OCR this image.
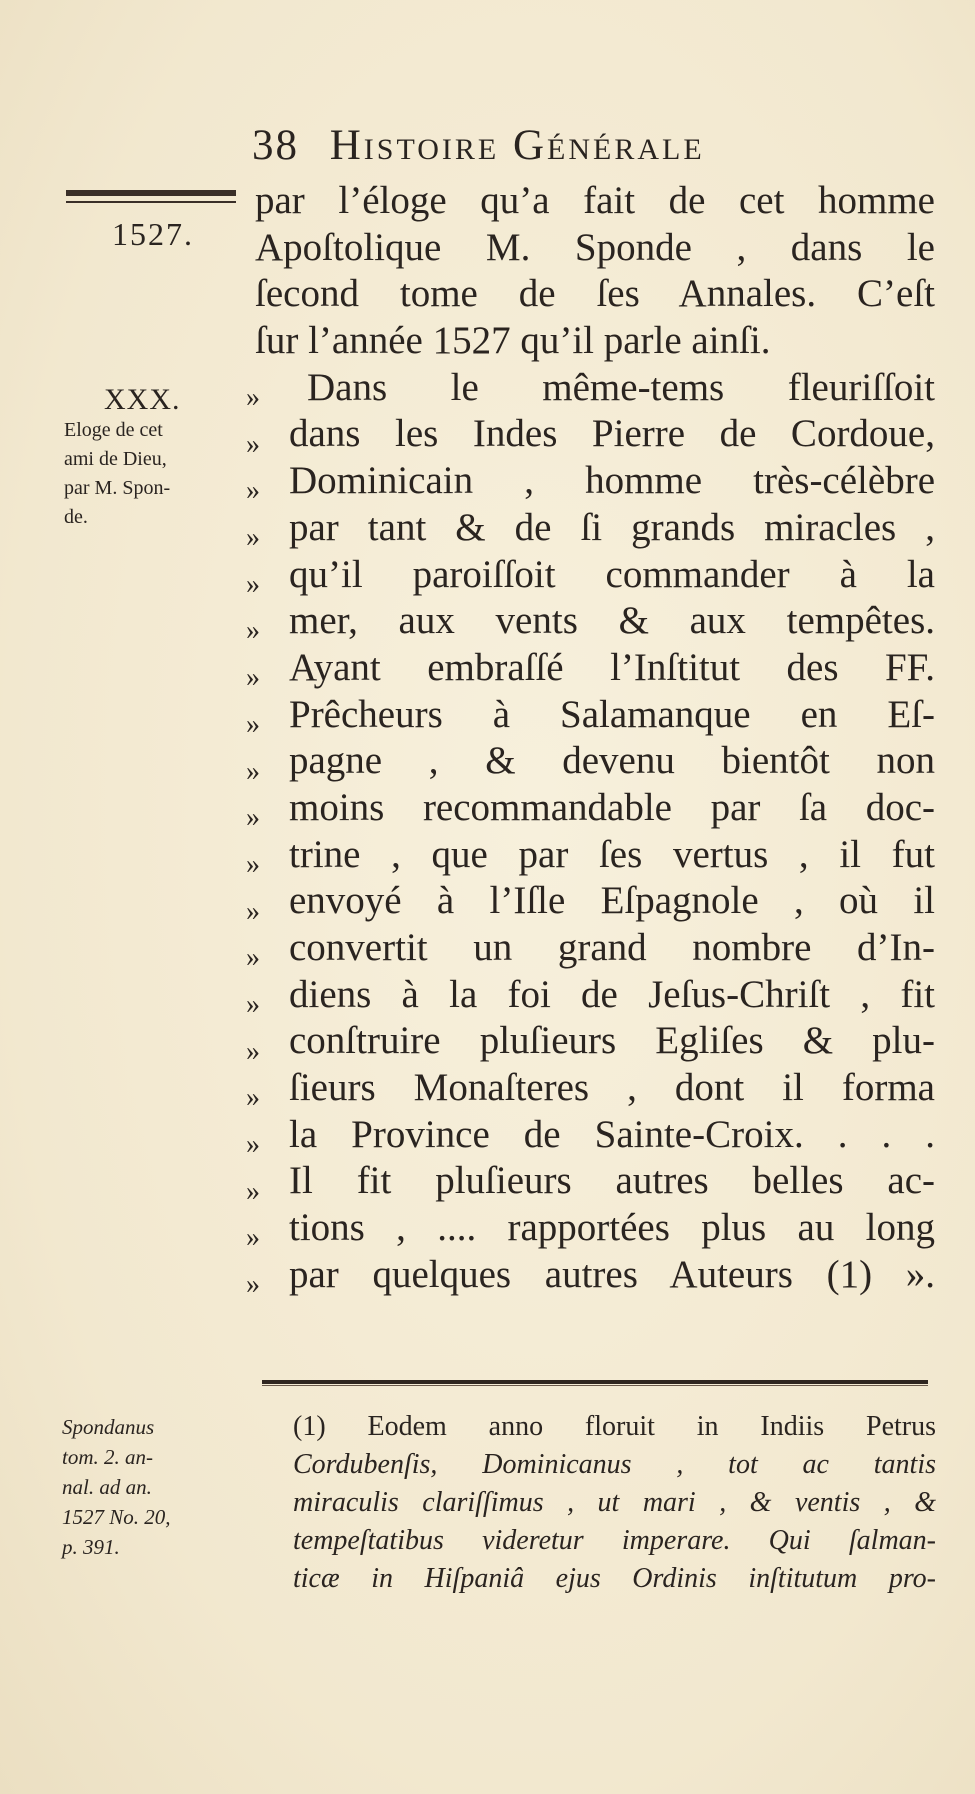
38 Histoire Générale
1527.
XXX.
Eloge de cet
ami de Dieu,
par M. Spon-
de.
»
»
»
»
»
»
»
»
»
»
»
»
»
»
»
»
»
»
»
»
par l’éloge qu’a fait de cet homme
Apoſtolique M. Sponde , dans le
ſecond tome de ſes Annales. C’eſt
ſur l’année 1527 qu’il parle ainſi.
Dans le même-tems fleuriſſoit
dans les Indes Pierre de Cordoue,
Dominicain , homme très-célèbre
par tant & de ſi grands miracles ,
qu’il paroiſſoit commander à la
mer, aux vents & aux tempêtes.
Ayant embraſſé l’Inſtitut des FF.
Prêcheurs à Salamanque en Eſ-
pagne , & devenu bientôt non
moins recommandable par ſa doc-
trine , que par ſes vertus , il fut
envoyé à l’Iſle Eſpagnole , où il
convertit un grand nombre d’In-
diens à la foi de Jeſus-Chriſt , fit
conſtruire pluſieurs Egliſes & plu-
ſieurs Monaſteres , dont il forma
la Province de Sainte-Croix. . . .
Il fit pluſieurs autres belles ac-
tions , .... rapportées plus au long
par quelques autres Auteurs (1) ».
Spondanus
tom. 2. an-
nal. ad an.
1527 No. 20,
p. 391.
(1) Eodem anno floruit in Indiis Petrus
Cordubenſis, Dominicanus , tot ac tantis
miraculis clariſſimus , ut mari , & ventis , &
tempeſtatibus videretur imperare. Qui ſalman-
ticæ in Hiſpaniâ ejus Ordinis inſtitutum pro-
